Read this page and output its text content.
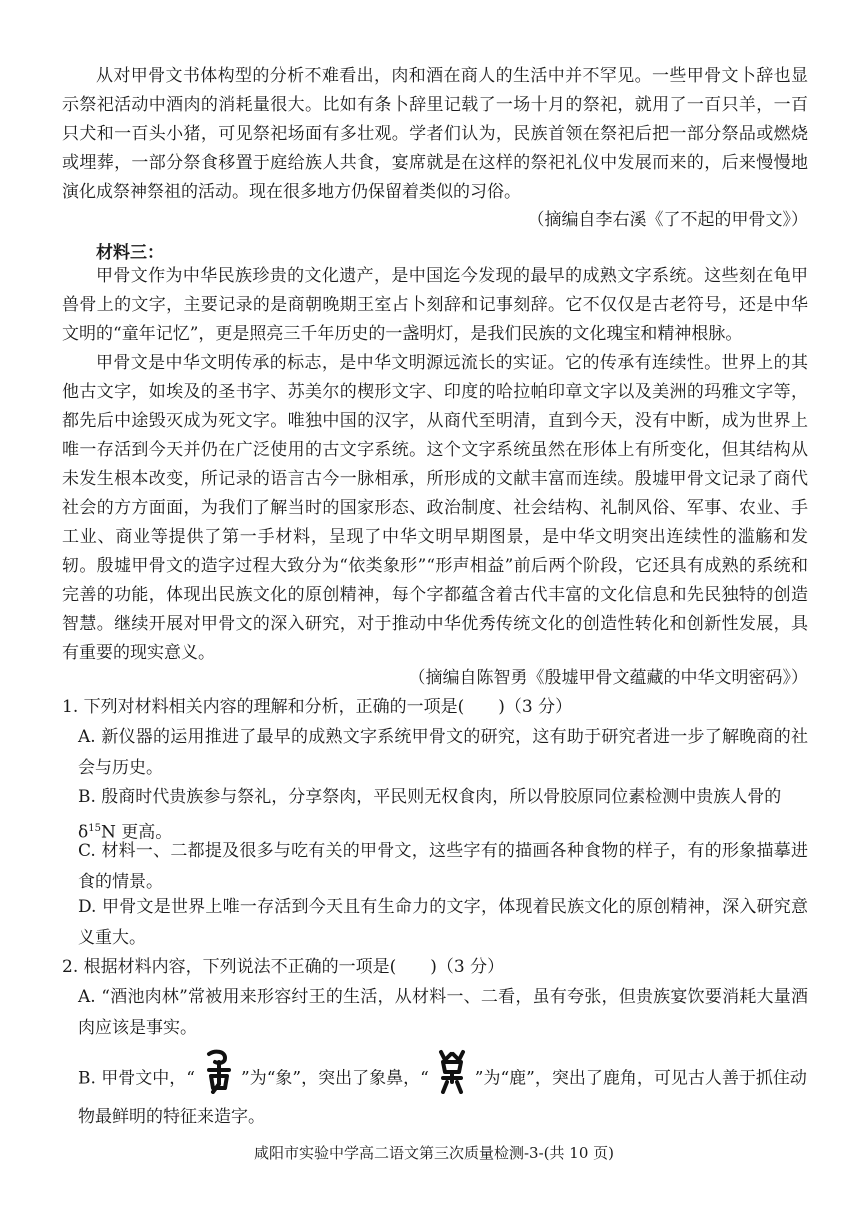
从对甲骨文书体构型的分析不难看出，肉和酒在商人的生活中并不罕见。一些甲骨文卜辞也显示祭祀活动中酒肉的消耗量很大。比如有条卜辞里记载了一场十月的祭祀，就用了一百只羊，一百只犬和一百头小猪，可见祭祀场面有多壮观。学者们认为，民族首领在祭祀后把一部分祭品或燃烧或埋葬，一部分祭食移置于庭给族人共食，宴席就是在这样的祭祀礼仪中发展而来的，后来慢慢地演化成祭神祭祖的活动。现在很多地方仍保留着类似的习俗。

（摘编自李右溪《了不起的甲骨文》）

材料三：

甲骨文作为中华民族珍贵的文化遗产，是中国迄今发现的最早的成熟文字系统。这些刻在龟甲兽骨上的文字，主要记录的是商朝晚期王室占卜刻辞和记事刻辞。它不仅仅是古老符号，还是中华文明的“童年记忆”，更是照亮三千年历史的一盏明灯，是我们民族的文化瑰宝和精神根脉。

甲骨文是中华文明传承的标志，是中华文明源远流长的实证。它的传承有连续性。世界上的其他古文字，如埃及的圣书字、苏美尔的楔形文字、印度的哈拉帕印章文字以及美洲的玛雅文字等，都先后中途毁灭成为死文字。唯独中国的汉字，从商代至明清，直到今天，没有中断，成为世界上唯一存活到今天并仍在广泛使用的古文字系统。这个文字系统虽然在形体上有所变化，但其结构从未发生根本改变，所记录的语言古今一脉相承，所形成的文献丰富而连续。殷墟甲骨文记录了商代社会的方方面面，为我们了解当时的国家形态、政治制度、社会结构、礼制风俗、军事、农业、手工业、商业等提供了第一手材料，呈现了中华文明早期图景，是中华文明突出连续性的滥觞和发轫。殷墟甲骨文的造字过程大致分为“依类象形”“形声相益”前后两个阶段，它还具有成熟的系统和完善的功能，体现出民族文化的原创精神，每个字都蕴含着古代丰富的文化信息和先民独特的创造智慧。继续开展对甲骨文的深入研究，对于推动中华优秀传统文化的创造性转化和创新性发展，具有重要的现实意义。

（摘编自陈智勇《殷墟甲骨文蕴藏的中华文明密码》）

1. 下列对材料相关内容的理解和分析，正确的一项是(　　)（3 分）

A. 新仪器的运用推进了最早的成熟文字系统甲骨文的研究，这有助于研究者进一步了解晚商的社会与历史。

B. 殷商时代贵族参与祭礼，分享祭肉，平民则无权食肉，所以骨胶原同位素检测中贵族人骨的
$\delta^{15}N$ 更高。

C. 材料一、二都提及很多与吃有关的甲骨文，这些字有的描画各种食物的样子，有的形象描摹进食的情景。

D. 甲骨文是世界上唯一存活到今天且有生命力的文字，体现着民族文化的原创精神，深入研究意义重大。

2. 根据材料内容，下列说法不正确的一项是(　　)（3 分）

A. “酒池肉林”常被用来形容纣王的生活，从材料一、二看，虽有夸张，但贵族宴饮要消耗大量酒肉应该是事实。

B. 甲骨文中，“	”为“象”，突出了象鼻，“	”为“鹿”，突出了鹿角，可见古人善于抓住动

物最鲜明的特征来造字。

咸阳市实验中学高二语文第三次质量检测-3-(共 10 页)
